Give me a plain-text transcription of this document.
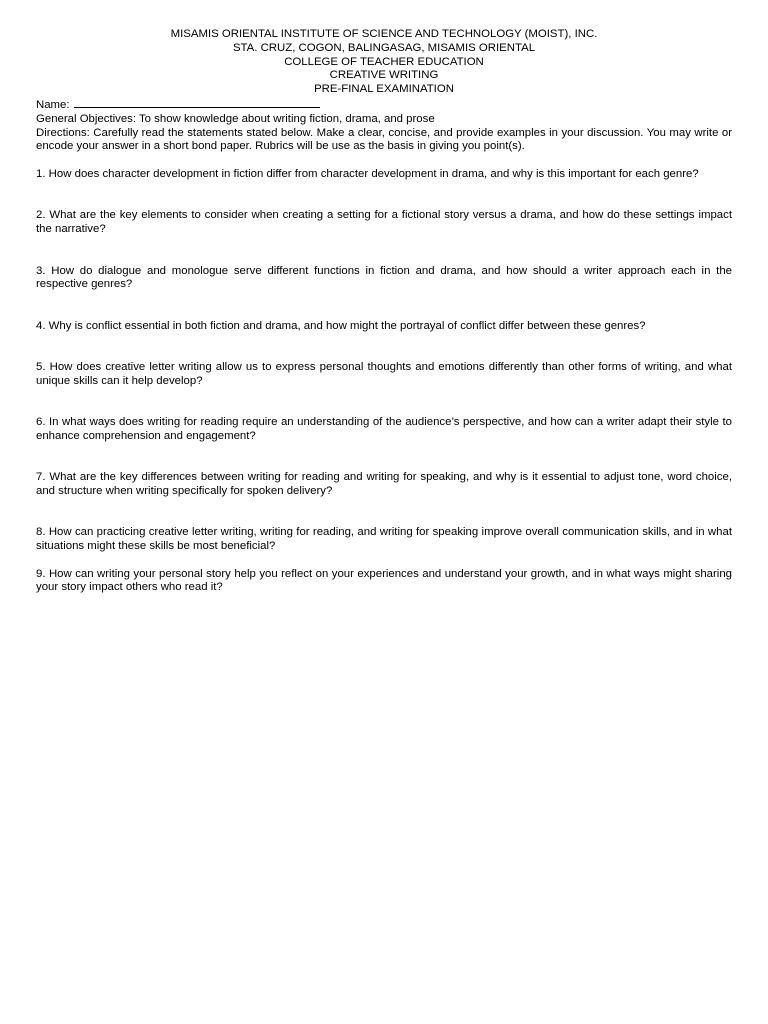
MISAMIS ORIENTAL INSTITUTE OF SCIENCE AND TECHNOLOGY (MOIST), INC.
STA. CRUZ, COGON, BALINGASAG, MISAMIS ORIENTAL
COLLEGE OF TEACHER EDUCATION
CREATIVE WRITING
PRE-FINAL EXAMINATION
Name:
General Objectives: To show knowledge about writing fiction, drama, and prose
Directions: Carefully read the statements stated below. Make a clear, concise, and provide examples in your discussion. You may write or encode your answer in a short bond paper. Rubrics will be use as the basis in giving you point(s).

1. How does character development in fiction differ from character development in drama, and why is this important for each genre?

2. What are the key elements to consider when creating a setting for a fictional story versus a drama, and how do these settings impact the narrative?

3. How do dialogue and monologue serve different functions in fiction and drama, and how should a writer approach each in the respective genres?

4. Why is conflict essential in both fiction and drama, and how might the portrayal of conflict differ between these genres?

5. How does creative letter writing allow us to express personal thoughts and emotions differently than other forms of writing, and what unique skills can it help develop?

6. In what ways does writing for reading require an understanding of the audience’s perspective, and how can a writer adapt their style to enhance comprehension and engagement?

7. What are the key differences between writing for reading and writing for speaking, and why is it essential to adjust tone, word choice, and structure when writing specifically for spoken delivery?

8. How can practicing creative letter writing, writing for reading, and writing for speaking improve overall communication skills, and in what situations might these skills be most beneficial?

9. How can writing your personal story help you reflect on your experiences and understand your growth, and in what ways might sharing your story impact others who read it?
